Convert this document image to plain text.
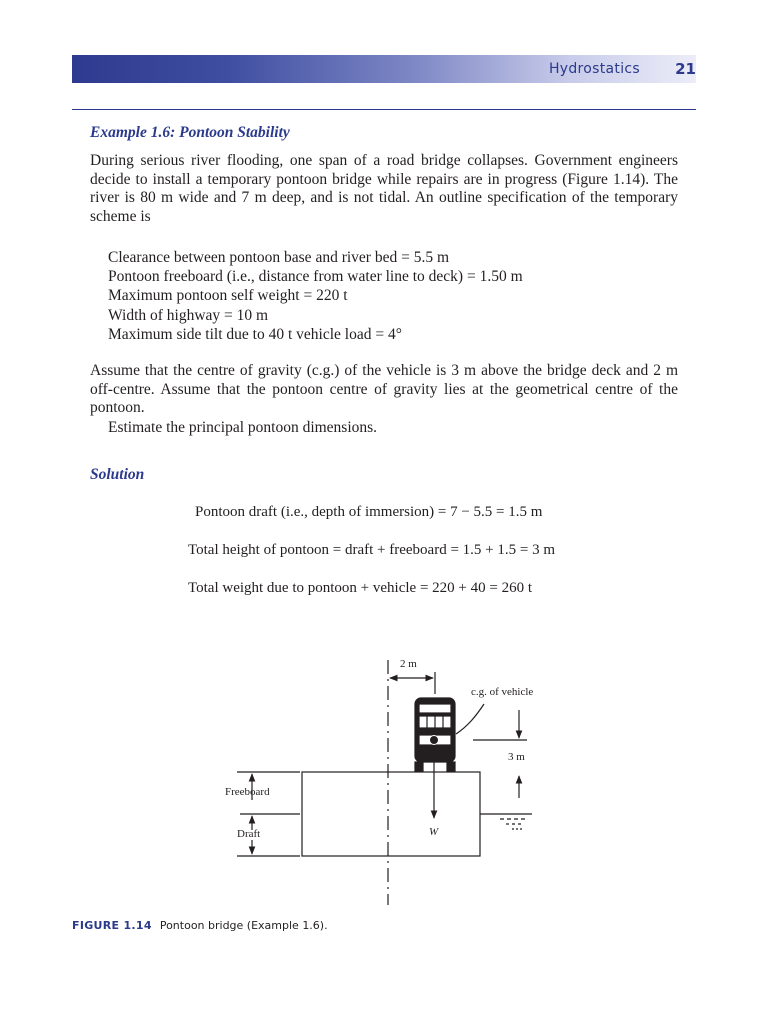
Hydrostatics 21
Example 1.6: Pontoon Stability
During serious river flooding, one span of a road bridge collapses. Government engineers decide to install a temporary pontoon bridge while repairs are in progress (Figure 1.14). The river is 80 m wide and 7 m deep, and is not tidal. An outline specification of the temporary scheme is
Clearance between pontoon base and river bed = 5.5 m
Pontoon freeboard (i.e., distance from water line to deck) = 1.50 m
Maximum pontoon self weight = 220 t
Width of highway = 10 m
Maximum side tilt due to 40 t vehicle load = 4°
Assume that the centre of gravity (c.g.) of the vehicle is 3 m above the bridge deck and 2 m off-centre. Assume that the pontoon centre of gravity lies at the geometrical centre of the pontoon.
Estimate the principal pontoon dimensions.
Solution
Pontoon draft (i.e., depth of immersion) = 7 − 5.5 = 1.5 m
Total height of pontoon = draft + freeboard = 1.5 + 1.5 = 3 m
Total weight due to pontoon + vehicle = 220 + 40 = 260 t
2 m
c.g. of vehicle
3 m
Freeboard
Draft	W
FIGURE 1.14 Pontoon bridge (Example 1.6).
